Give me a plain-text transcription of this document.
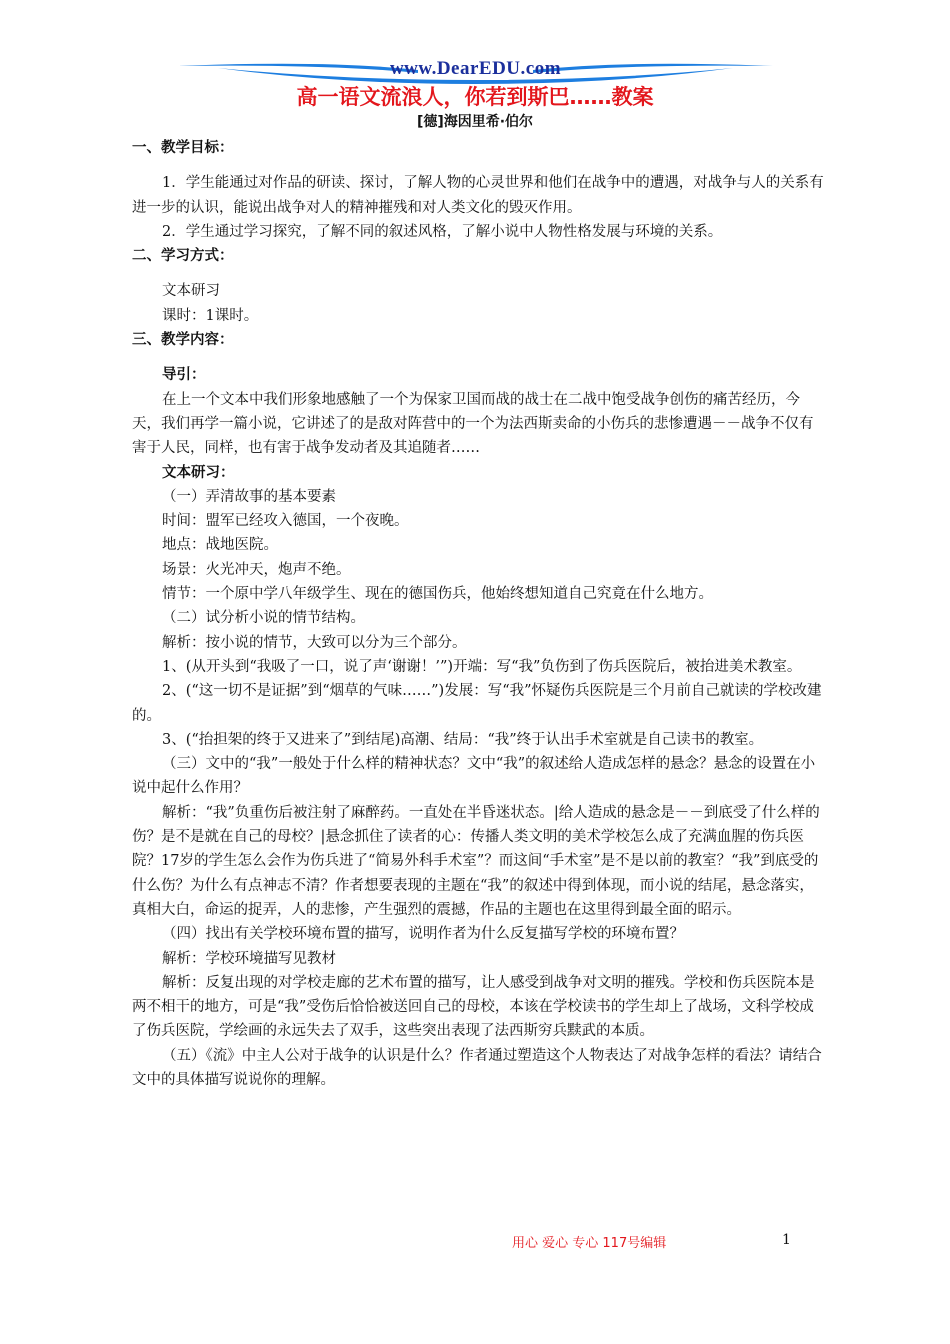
www.DearEDU.com
高一语文流浪人，你若到斯巴……教案
[德]海因里希·伯尔

一、教学目标：

1．学生能通过对作品的研读、探讨，了解人物的心灵世界和他们在战争中的遭遇，对战争与人的关系有进一步的认识，能说出战争对人的精神摧残和对人类文化的毁灭作用。

2．学生通过学习探究，了解不同的叙述风格，了解小说中人物性格发展与环境的关系。

二、学习方式：

文本研习

课时：1课时。

三、教学内容：

导引：

在上一个文本中我们形象地感触了一个为保家卫国而战的战士在二战中饱受战争创伤的痛苦经历，今天，我们再学一篇小说，它讲述了的是敌对阵营中的一个为法西斯卖命的小伤兵的悲惨遭遇－－战争不仅有害于人民，同样，也有害于战争发动者及其追随者……

文本研习：

（一）弄清故事的基本要素

时间：盟军已经攻入德国，一个夜晚。

地点：战地医院。

场景：火光冲天，炮声不绝。

情节：一个原中学八年级学生、现在的德国伤兵，他始终想知道自己究竟在什么地方。

（二）试分析小说的情节结构。

解析：按小说的情节，大致可以分为三个部分。

1、(从开头到“我吸了一口，说了声‘谢谢！’”)开端：写“我”负伤到了伤兵医院后，被抬进美术教室。

2、(“这一切不是证据”到“烟草的气味……”)发展：写“我”怀疑伤兵医院是三个月前自己就读的学校改建的。

3、(“抬担架的终于又进来了”到结尾)高潮、结局：“我”终于认出手术室就是自己读书的教室。

（三）文中的“我”一般处于什么样的精神状态？文中“我”的叙述给人造成怎样的悬念？悬念的设置在小说中起什么作用？

解析：“我”负重伤后被注射了麻醉药。一直处在半昏迷状态。|给人造成的悬念是－－到底受了什么样的伤？是不是就在自己的母校？|悬念抓住了读者的心：传播人类文明的美术学校怎么成了充满血腥的伤兵医院？17岁的学生怎么会作为伤兵进了“简易外科手术室”？而这间“手术室”是不是以前的教室？“我”到底受的什么伤？为什么有点神志不清？作者想要表现的主题在“我”的叙述中得到体现，而小说的结尾，悬念落实，真相大白，命运的捉弄，人的悲惨，产生强烈的震撼，作品的主题也在这里得到最全面的昭示。

（四）找出有关学校环境布置的描写，说明作者为什么反复描写学校的环境布置？

解析：学校环境描写见教材

解析：反复出现的对学校走廊的艺术布置的描写，让人感受到战争对文明的摧残。学校和伤兵医院本是两不相干的地方，可是“我”受伤后恰恰被送回自己的母校，本该在学校读书的学生却上了战场，文科学校成了伤兵医院，学绘画的永远失去了双手，这些突出表现了法西斯穷兵黩武的本质。

（五）《流》中主人公对于战争的认识是什么？作者通过塑造这个人物表达了对战争怎样的看法？请结合文中的具体描写说说你的理解。

用心 爱心 专心 117号编辑	1
